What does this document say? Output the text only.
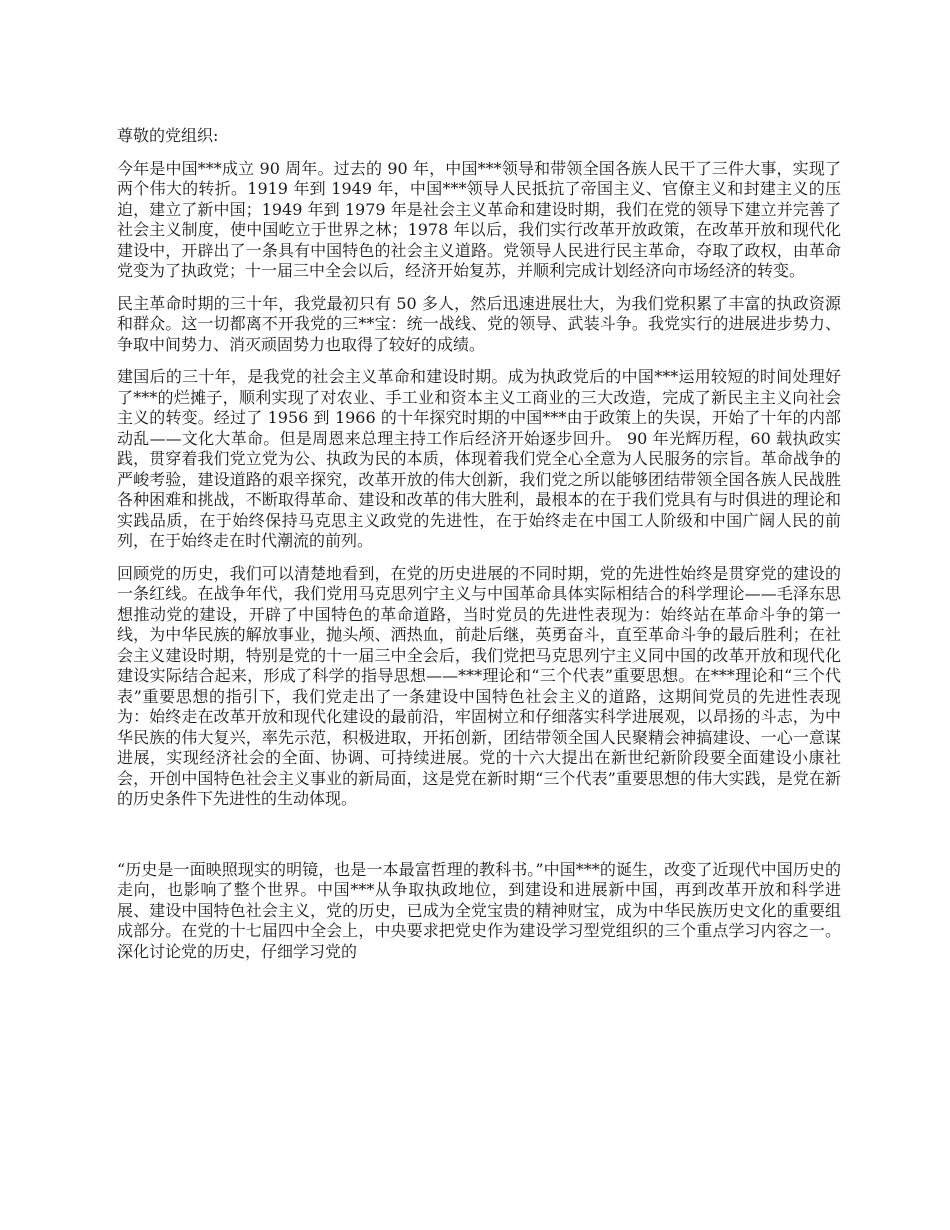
尊敬的党组织:

今年是中国***成立 90 周年。过去的 90 年，中国***领导和带领全国各族人民干了三件大事，实现了两个伟大的转折。1919 年到 1949 年，中国***领导人民抵抗了帝国主义、官僚主义和封建主义的压迫，建立了新中国；1949 年到 1979 年是社会主义革命和建设时期，我们在党的领导下建立并完善了社会主义制度，使中国屹立于世界之林；1978 年以后，我们实行改革开放政策，在改革开放和现代化建设中，开辟出了一条具有中国特色的社会主义道路。党领导人民进行民主革命，夺取了政权，由革命党变为了执政党；十一届三中全会以后，经济开始复苏，并顺利完成计划经济向市场经济的转变。

民主革命时期的三十年，我党最初只有 50 多人，然后迅速进展壮大，为我们党积累了丰富的执政资源和群众。这一切都离不开我党的三**宝：统一战线、党的领导、武装斗争。我党实行的进展进步势力、争取中间势力、消灭顽固势力也取得了较好的成绩。

建国后的三十年，是我党的社会主义革命和建设时期。成为执政党后的中国***运用较短的时间处理好了***的烂摊子，顺利实现了对农业、手工业和资本主义工商业的三大改造，完成了新民主主义向社会主义的转变。经过了 1956 到 1966 的十年探究时期的中国***由于政策上的失误，开始了十年的内部动乱——文化大革命。但是周恩来总理主持工作后经济开始逐步回升。 90 年光辉历程，60 载执政实践，贯穿着我们党立党为公、执政为民的本质，体现着我们党全心全意为人民服务的宗旨。革命战争的严峻考验，建设道路的艰辛探究，改革开放的伟大创新，我们党之所以能够团结带领全国各族人民战胜各种困难和挑战，不断取得革命、建设和改革的伟大胜利，最根本的在于我们党具有与时俱进的理论和实践品质，在于始终保持马克思主义政党的先进性，在于始终走在中国工人阶级和中国广阔人民的前列，在于始终走在时代潮流的前列。

回顾党的历史，我们可以清楚地看到，在党的历史进展的不同时期，党的先进性始终是贯穿党的建设的一条红线。在战争年代，我们党用马克思列宁主义与中国革命具体实际相结合的科学理论——毛泽东思想推动党的建设，开辟了中国特色的革命道路，当时党员的先进性表现为：始终站在革命斗争的第一线，为中华民族的解放事业，抛头颅、洒热血，前赴后继，英勇奋斗，直至革命斗争的最后胜利；在社会主义建设时期，特别是党的十一届三中全会后，我们党把马克思列宁主义同中国的改革开放和现代化建设实际结合起来，形成了科学的指导思想——***理论和“三个代表”重要思想。在***理论和“三个代表”重要思想的指引下，我们党走出了一条建设中国特色社会主义的道路，这期间党员的先进性表现为：始终走在改革开放和现代化建设的最前沿，牢固树立和仔细落实科学进展观，以昂扬的斗志，为中华民族的伟大复兴，率先示范，积极进取，开拓创新，团结带领全国人民聚精会神搞建设、一心一意谋进展，实现经济社会的全面、协调、可持续进展。党的十六大提出在新世纪新阶段要全面建设小康社会，开创中国特色社会主义事业的新局面，这是党在新时期“三个代表”重要思想的伟大实践，是党在新的历史条件下先进性的生动体现。

“历史是一面映照现实的明镜，也是一本最富哲理的教科书。”中国***的诞生，改变了近现代中国历史的走向，也影响了整个世界。中国***从争取执政地位，到建设和进展新中国，再到改革开放和科学进展、建设中国特色社会主义，党的历史，已成为全党宝贵的精神财宝，成为中华民族历史文化的重要组成部分。在党的十七届四中全会上，中央要求把党史作为建设学习型党组织的三个重点学习内容之一。深化讨论党的历史，仔细学习党的
